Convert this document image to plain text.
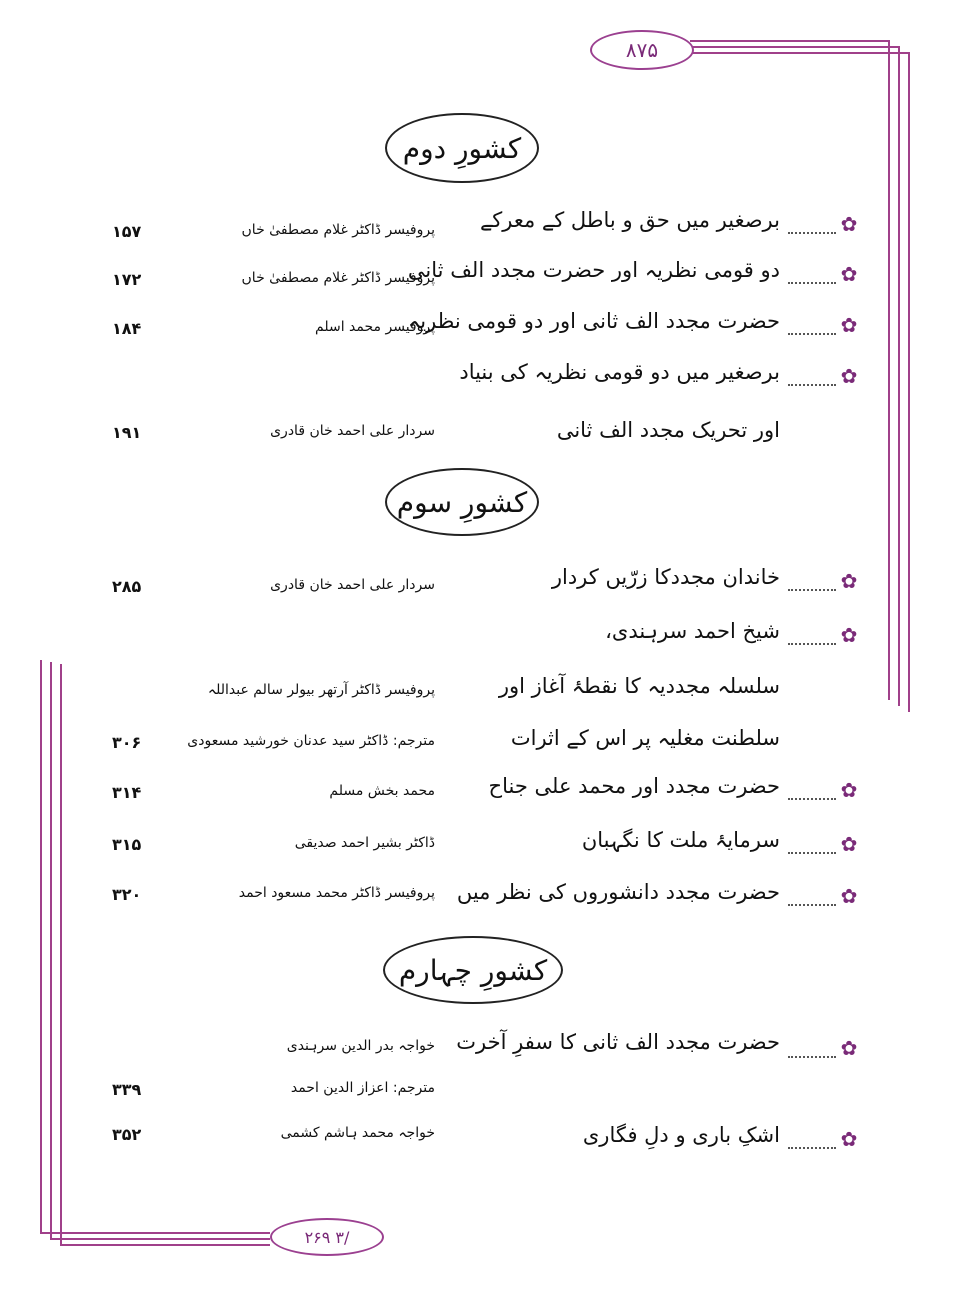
۸۷۵
۲۶۹ ۳/
کشورِ دوم
✿
برصغیر میں حق و باطل کے معرکے
پروفیسر ڈاکٹر غلام مصطفیٰ خاں
۱۵۷
✿
دو قومی نظریہ اور حضرت مجدد الف ثانی
پروفیسر ڈاکٹر غلام مصطفیٰ خاں
۱۷۲
✿
حضرت مجدد الف ثانی اور دو قومی نظریہ
پروفیسر محمد اسلم
۱۸۴
✿
برصغیر میں دو قومی نظریہ کی بنیاد
اور تحریک مجدد الف ثانی
سردار علی احمد خان قادری
۱۹۱
کشورِ سوم
✿
خاندان مجددکا زرّیں کردار
سردار علی احمد خان قادری
۲۸۵
✿
شیخ احمد سرہندی،
سلسلہ مجددیہ کا نقطۂ آغاز اور
سلطنت مغلیہ پر اس کے اثرات
پروفیسر ڈاکٹر آرتھر بیولر سالم عبداللہ
مترجم: ڈاکٹر سید عدنان خورشید مسعودی
۳۰۶
✿
حضرت مجدد اور محمد علی جناح
محمد بخش مسلم
۳۱۴
✿
سرمایۂ ملت کا نگہبان
ڈاکٹر بشیر احمد صدیقی
۳۱۵
✿
حضرت مجدد دانشوروں کی نظر میں
پروفیسر ڈاکٹر محمد مسعود احمد
۳۲۰
کشورِ چہارم
✿
حضرت مجدد الف ثانی کا سفرِ آخرت
خواجہ بدر الدین سرہندی
مترجم: اعزاز الدین احمد
۳۳۹
✿
اشکِ باری و دلِ فگاری
خواجہ محمد ہاشم کشمی
۳۵۲
